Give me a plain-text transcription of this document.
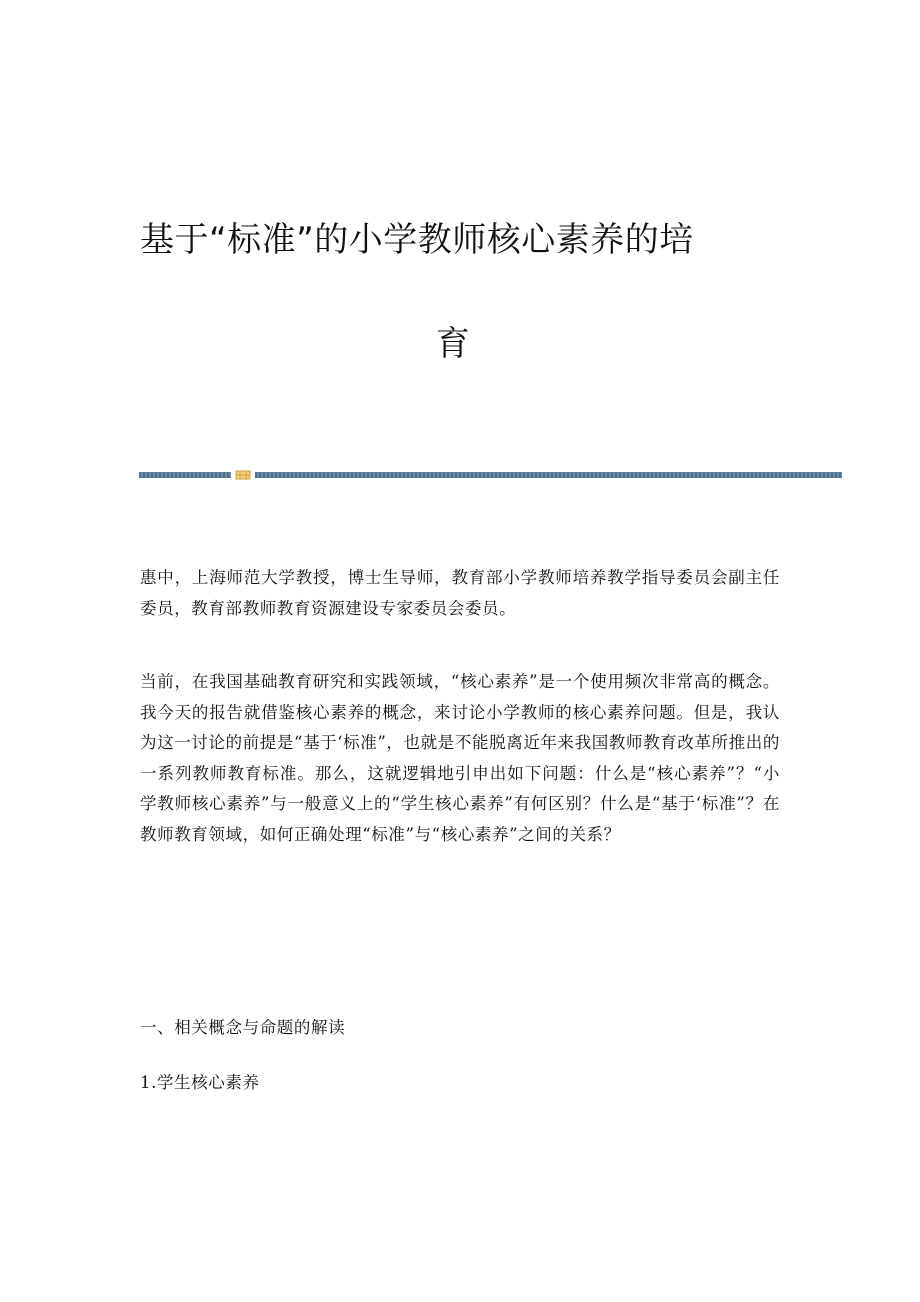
基于“标准”的小学教师核心素养的培
育

惠中，上海师范大学教授，博士生导师，教育部小学教师培养教学指导委员会副主任委员，教育部教师教育资源建设专家委员会委员。

当前，在我国基础教育研究和实践领域，“核心素养”是一个使用频次非常高的概念。我今天的报告就借鉴核心素养的概念，来讨论小学教师的核心素养问题。但是，我认为这一讨论的前提是“基于‘标准”，也就是不能脱离近年来我国教师教育改革所推出的一系列教师教育标准。那么，这就逻辑地引申出如下问题：什么是“核心素养”？“小学教师核心素养”与一般意义上的“学生核心素养”有何区别？什么是“基于‘标准”？在教师教育领域，如何正确处理“标准”与“核心素养”之间的关系？

一、相关概念与命题的解读

1.学生核心素养
